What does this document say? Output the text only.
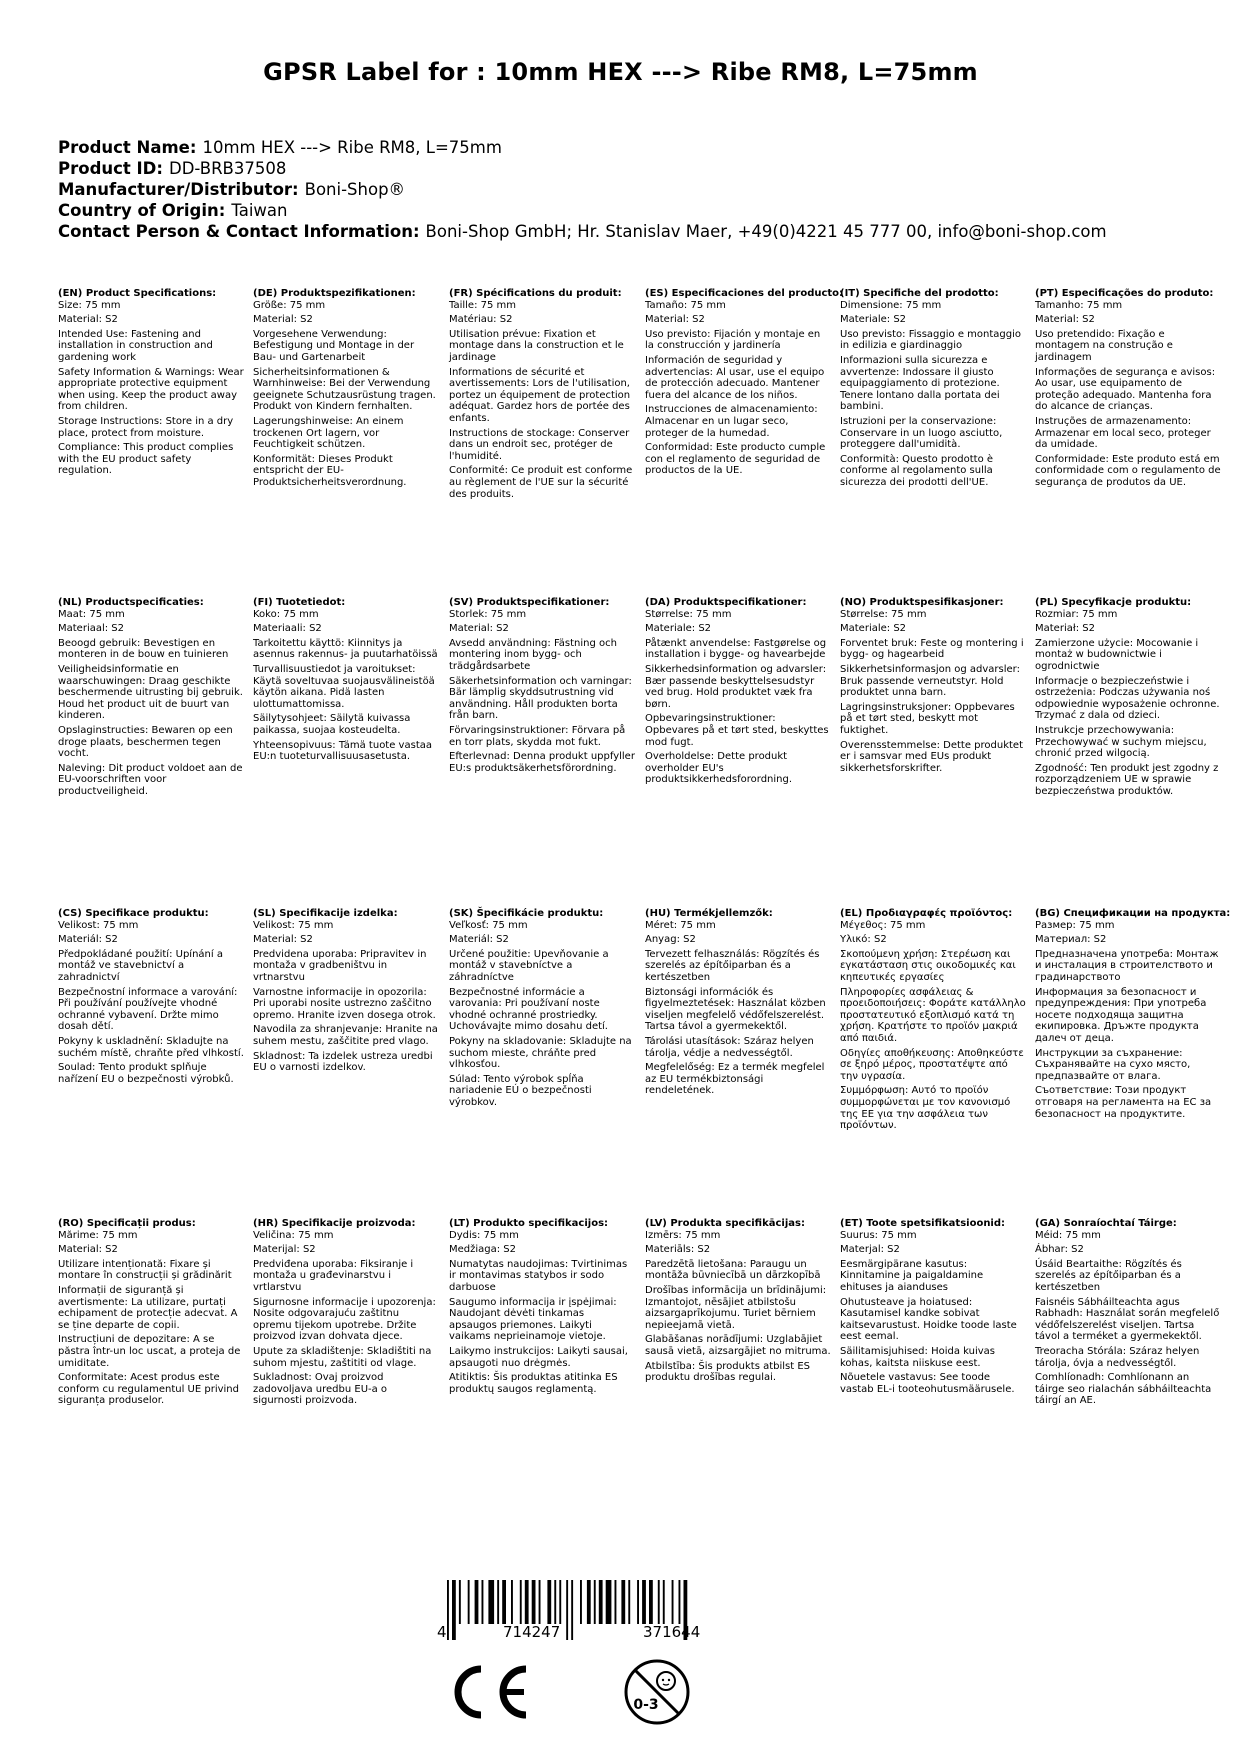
GPSR Label for : 10mm HEX ---> Ribe RM8, L=75mm
Product Name: 10mm HEX ---> Ribe RM8, L=75mm
Product ID: DD-BRB37508
Manufacturer/Distributor: Boni-Shop®
Country of Origin: Taiwan
Contact Person & Contact Information: Boni-Shop GmbH; Hr. Stanislav Maer, +49(0)4221 45 777 00, info@boni-shop.com
(EN) Product Specifications:
Size: 75 mm
Material: S2
Intended Use: Fastening and installation in construction and gardening work
Safety Information & Warnings: Wear appropriate protective equipment when using. Keep the product away from children.
Storage Instructions: Store in a dry place, protect from moisture.
Compliance: This product complies with the EU product safety regulation.
(DE) Produktspezifikationen:
Größe: 75 mm
Material: S2
Vorgesehene Verwendung: Befestigung und Montage in der Bau- und Gartenarbeit
Sicherheitsinformationen & Warnhinweise: Bei der Verwendung geeignete Schutzausrüstung tragen. Produkt von Kindern fernhalten.
Lagerungshinweise: An einem trockenen Ort lagern, vor Feuchtigkeit schützen.
Konformität: Dieses Produkt entspricht der EU-Produktsicherheitsverordnung.
(FR) Spécifications du produit:
Taille: 75 mm
Matériau: S2
Utilisation prévue: Fixation et montage dans la construction et le jardinage
Informations de sécurité et avertissements: Lors de l'utilisation, portez un équipement de protection adéquat. Gardez hors de portée des enfants.
Instructions de stockage: Conserver dans un endroit sec, protéger de l'humidité.
Conformité: Ce produit est conforme au règlement de l'UE sur la sécurité des produits.
(ES) Especificaciones del producto:
Tamaño: 75 mm
Material: S2
Uso previsto: Fijación y montaje en la construcción y jardinería
Información de seguridad y advertencias: Al usar, use el equipo de protección adecuado. Mantener fuera del alcance de los niños.
Instrucciones de almacenamiento: Almacenar en un lugar seco, proteger de la humedad.
Conformidad: Este producto cumple con el reglamento de seguridad de productos de la UE.
(IT) Specifiche del prodotto:
Dimensione: 75 mm
Materiale: S2
Uso previsto: Fissaggio e montaggio in edilizia e giardinaggio
Informazioni sulla sicurezza e avvertenze: Indossare il giusto equipaggiamento di protezione. Tenere lontano dalla portata dei bambini.
Istruzioni per la conservazione: Conservare in un luogo asciutto, proteggere dall'umidità.
Conformità: Questo prodotto è conforme al regolamento sulla sicurezza dei prodotti dell'UE.
(PT) Especificações do produto:
Tamanho: 75 mm
Material: S2
Uso pretendido: Fixação e montagem na construção e jardinagem
Informações de segurança e avisos: Ao usar, use equipamento de proteção adequado. Mantenha fora do alcance de crianças.
Instruções de armazenamento: Armazenar em local seco, proteger da umidade.
Conformidade: Este produto está em conformidade com o regulamento de segurança de produtos da UE.
(NL) Productspecificaties:
Maat: 75 mm
Materiaal: S2
Beoogd gebruik: Bevestigen en monteren in de bouw en tuinieren
Veiligheidsinformatie en waarschuwingen: Draag geschikte beschermende uitrusting bij gebruik. Houd het product uit de buurt van kinderen.
Opslaginstructies: Bewaren op een droge plaats, beschermen tegen vocht.
Naleving: Dit product voldoet aan de EU-voorschriften voor productveiligheid.
(FI) Tuotetiedot:
Koko: 75 mm
Materiaali: S2
Tarkoitettu käyttö: Kiinnitys ja asennus rakennus- ja puutarhatöissä
Turvallisuustiedot ja varoitukset: Käytä soveltuvaa suojausvälineistöä käytön aikana. Pidä lasten ulottumattomissa.
Säilytysohjeet: Säilytä kuivassa paikassa, suojaa kosteudelta.
Yhteensopivuus: Tämä tuote vastaa EU:n tuoteturvallisuusasetusta.
(SV) Produktspecifikationer:
Storlek: 75 mm
Material: S2
Avsedd användning: Fästning och montering inom bygg- och trädgårdsarbete
Säkerhetsinformation och varningar: Bär lämplig skyddsutrustning vid användning. Håll produkten borta från barn.
Förvaringsinstruktioner: Förvara på en torr plats, skydda mot fukt.
Efterlevnad: Denna produkt uppfyller EU:s produktsäkerhetsförordning.
(DA) Produktspecifikationer:
Størrelse: 75 mm
Materiale: S2
Påtænkt anvendelse: Fastgørelse og installation i bygge- og havearbejde
Sikkerhedsinformation og advarsler: Bær passende beskyttelsesudstyr ved brug. Hold produktet væk fra børn.
Opbevaringsinstruktioner: Opbevares på et tørt sted, beskyttes mod fugt.
Overholdelse: Dette produkt overholder EU's produktsikkerhedsforordning.
(NO) Produktspesifikasjoner:
Størrelse: 75 mm
Materiale: S2
Forventet bruk: Feste og montering i bygg- og hagearbeid
Sikkerhetsinformasjon og advarsler: Bruk passende verneutstyr. Hold produktet unna barn.
Lagringsinstruksjoner: Oppbevares på et tørt sted, beskytt mot fuktighet.
Overensstemmelse: Dette produktet er i samsvar med EUs produkt sikkerhetsforskrifter.
(PL) Specyfikacje produktu:
Rozmiar: 75 mm
Materiał: S2
Zamierzone użycie: Mocowanie i montaż w budownictwie i ogrodnictwie
Informacje o bezpieczeństwie i ostrzeżenia: Podczas używania noś odpowiednie wyposażenie ochronne. Trzymać z dala od dzieci.
Instrukcje przechowywania: Przechowywać w suchym miejscu, chronić przed wilgocią.
Zgodność: Ten produkt jest zgodny z rozporządzeniem UE w sprawie bezpieczeństwa produktów.
(CS) Specifikace produktu:
Velikost: 75 mm
Materiál: S2
Předpokládané použití: Upínání a montáž ve stavebnictví a zahradnictví
Bezpečnostní informace a varování: Při používání používejte vhodné ochranné vybavení. Držte mimo dosah dětí.
Pokyny k uskladnění: Skladujte na suchém místě, chraňte před vlhkostí.
Soulad: Tento produkt splňuje nařízení EU o bezpečnosti výrobků.
(SL) Specifikacije izdelka:
Velikost: 75 mm
Material: S2
Predvidena uporaba: Pripravitev in montaža v gradbeništvu in vrtnarstvu
Varnostne informacije in opozorila: Pri uporabi nosite ustrezno zaščitno opremo. Hranite izven dosega otrok.
Navodila za shranjevanje: Hranite na suhem mestu, zaščitite pred vlago.
Skladnost: Ta izdelek ustreza uredbi EU o varnosti izdelkov.
(SK) Špecifikácie produktu:
Veľkosť: 75 mm
Materiál: S2
Určené použitie: Upevňovanie a montáž v stavebníctve a záhradníctve
Bezpečnostné informácie a varovania: Pri používaní noste vhodné ochranné prostriedky. Uchovávajte mimo dosahu detí.
Pokyny na skladovanie: Skladujte na suchom mieste, chráňte pred vlhkosťou.
Súlad: Tento výrobok spĺňa nariadenie EÚ o bezpečnosti výrobkov.
(HU) Termékjellemzők:
Méret: 75 mm
Anyag: S2
Tervezett felhasználás: Rögzítés és szerelés az építőiparban és a kertészetben
Biztonsági információk és figyelmeztetések: Használat közben viseljen megfelelő védőfelszerelést. Tartsa távol a gyermekektől.
Tárolási utasítások: Száraz helyen tárolja, védje a nedvességtől.
Megfelelőség: Ez a termék megfelel az EU termékbiztonsági rendeletének.
(EL) Προδιαγραφές προϊόντος:
Μέγεθος: 75 mm
Υλικό: S2
Σκοπούμενη χρήση: Στερέωση και εγκατάσταση στις οικοδομικές και κηπευτικές εργασίες
Πληροφορίες ασφάλειας & προειδοποιήσεις: Φοράτε κατάλληλο προστατευτικό εξοπλισμό κατά τη χρήση. Κρατήστε το προϊόν μακριά από παιδιά.
Οδηγίες αποθήκευσης: Αποθηκεύστε σε ξηρό μέρος, προστατέψτε από την υγρασία.
Συμμόρφωση: Αυτό το προϊόν συμμορφώνεται με τον κανονισμό της ΕΕ για την ασφάλεια των προϊόντων.
(BG) Спецификации на продукта:
Размер: 75 mm
Материал: S2
Предназначена употреба: Монтаж и инсталация в строителството и градинарството
Информация за безопасност и предупреждения: При употреба носете подходяща защитна екипировка. Дръжте продукта далеч от деца.
Инструкции за съхранение: Съхранявайте на сухо място, предпазвайте от влага.
Съответствие: Този продукт отговаря на регламента на ЕС за безопасност на продуктите.
(RO) Specificații produs:
Mărime: 75 mm
Material: S2
Utilizare intenționată: Fixare și montare în construcții și grădinărit
Informații de siguranță și avertismente: La utilizare, purtați echipament de protecție adecvat. A se ține departe de copii.
Instrucțiuni de depozitare: A se păstra într-un loc uscat, a proteja de umiditate.
Conformitate: Acest produs este conform cu regulamentul UE privind siguranța produselor.
(HR) Specifikacije proizvoda:
Veličina: 75 mm
Materijal: S2
Predviđena uporaba: Fiksiranje i montaža u građevinarstvu i vrtlarstvu
Sigurnosne informacije i upozorenja: Nosite odgovarajuću zaštitnu opremu tijekom upotrebe. Držite proizvod izvan dohvata djece.
Upute za skladištenje: Skladištiti na suhom mjestu, zaštititi od vlage.
Sukladnost: Ovaj proizvod zadovoljava uredbu EU-a o sigurnosti proizvoda.
(LT) Produkto specifikacijos:
Dydis: 75 mm
Medžiaga: S2
Numatytas naudojimas: Tvirtinimas ir montavimas statybos ir sodo darbuose
Saugumo informacija ir įspėjimai: Naudojant dėvėti tinkamas apsaugos priemones. Laikyti vaikams neprieinamoje vietoje.
Laikymo instrukcijos: Laikyti sausai, apsaugoti nuo drėgmės.
Atitiktis: Šis produktas atitinka ES produktų saugos reglamentą.
(LV) Produkta specifikācijas:
Izmērs: 75 mm
Materiāls: S2
Paredzētā lietošana: Paraugu un montāža būvniecībā un dārzkopībā
Drošības informācija un brīdinājumi: Izmantojot, nēsājiet atbilstošu aizsargaprīkojumu. Turiet bērniem nepieejamā vietā.
Glabāšanas norādījumi: Uzglabājiet sausā vietā, aizsargājiet no mitruma.
Atbilstība: Šis produkts atbilst ES produktu drošības regulai.
(ET) Toote spetsifikatsioonid:
Suurus: 75 mm
Materjal: S2
Eesmärgipärane kasutus: Kinnitamine ja paigaldamine ehituses ja aianduses
Ohutusteave ja hoiatused: Kasutamisel kandke sobivat kaitsevarustust. Hoidke toode laste eest eemal.
Säilitamisjuhised: Hoida kuivas kohas, kaitsta niiskuse eest.
Nõuetele vastavus: See toode vastab EL-i tooteohutusmäärusele.
(GA) Sonraíochtaí Táirge:
Méid: 75 mm
Ábhar: S2
Úsáid Beartaithe: Rögzítés és szerelés az építőiparban és a kertészetben
Faisnéis Sábháilteachta agus Rabhadh: Használat során megfelelő védőfelszerelést viseljen. Tartsa távol a terméket a gyermekektől.
Treoracha Stórála: Száraz helyen tárolja, óvja a nedvességtől.
Comhlíonadh: Comhlíonann an táirge seo rialachán sábháilteachta táirgí an AE.
4	714247	371644
0-3
